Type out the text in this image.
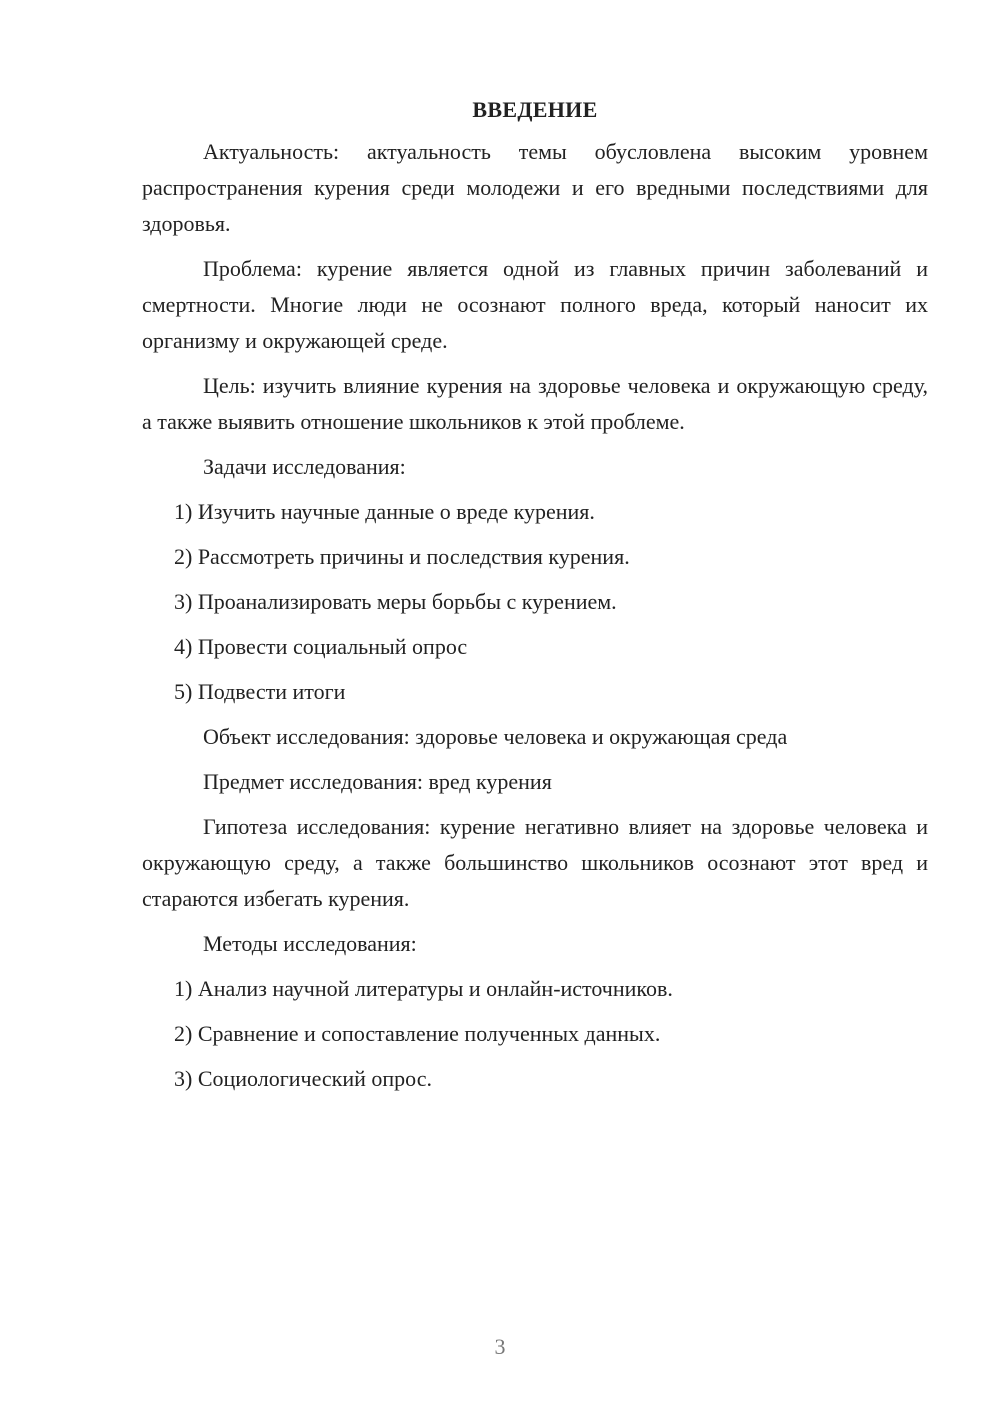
ВВЕДЕНИЕ

Актуальность: актуальность темы обусловлена высоким уровнем распространения курения среди молодежи и его вредными последствиями для здоровья.

Проблема: курение является одной из главных причин заболеваний и смертности. Многие люди не осознают полного вреда, который наносит их организму и окружающей среде.

Цель: изучить влияние курения на здоровье человека и окружающую среду, а также выявить отношение школьников к этой проблеме.

Задачи исследования:

1) Изучить научные данные о вреде курения.
2) Рассмотреть причины и последствия курения.
3) Проанализировать меры борьбы с курением.
4) Провести социальный опрос
5) Подвести итоги

Объект исследования: здоровье человека и окружающая среда

Предмет исследования: вред курения

Гипотеза исследования: курение негативно влияет на здоровье человека и окружающую среду, а также большинство школьников осознают этот вред и стараются избегать курения.

Методы исследования:

1) Анализ научной литературы и онлайн-источников.
2) Сравнение и сопоставление полученных данных.
3) Социологический опрос.
3
